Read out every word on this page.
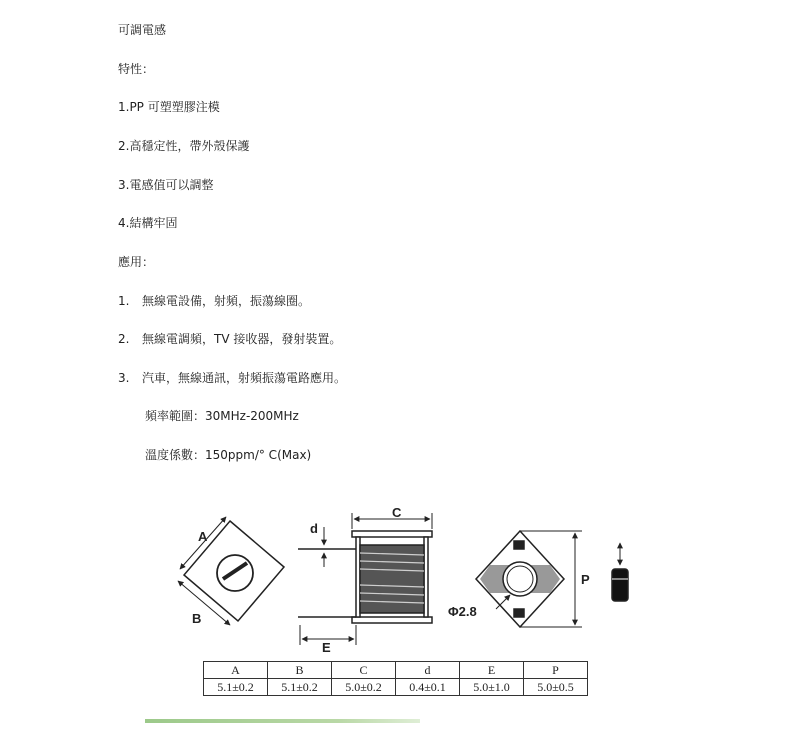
可調電感
特性：
1.PP 可塑塑膠注模
2.高穩定性，帶外殼保護
3.電感值可以調整
4.結構牢固
應用：
1. 無線電設備，射頻，振蕩線圈。
2. 無線電調頻，TV 接收器，發射裝置。
3. 汽車，無線通訊，射頻振蕩電路應用。
頻率範圍：30MHz-200MHz
溫度係數：150ppm/° C(Max)
A
B
C
d
E
P
Φ2.8
A	B	C	d	E	P
5.1±0.2	5.1±0.2	5.0±0.2	0.4±0.1	5.0±1.0	5.0±0.5
